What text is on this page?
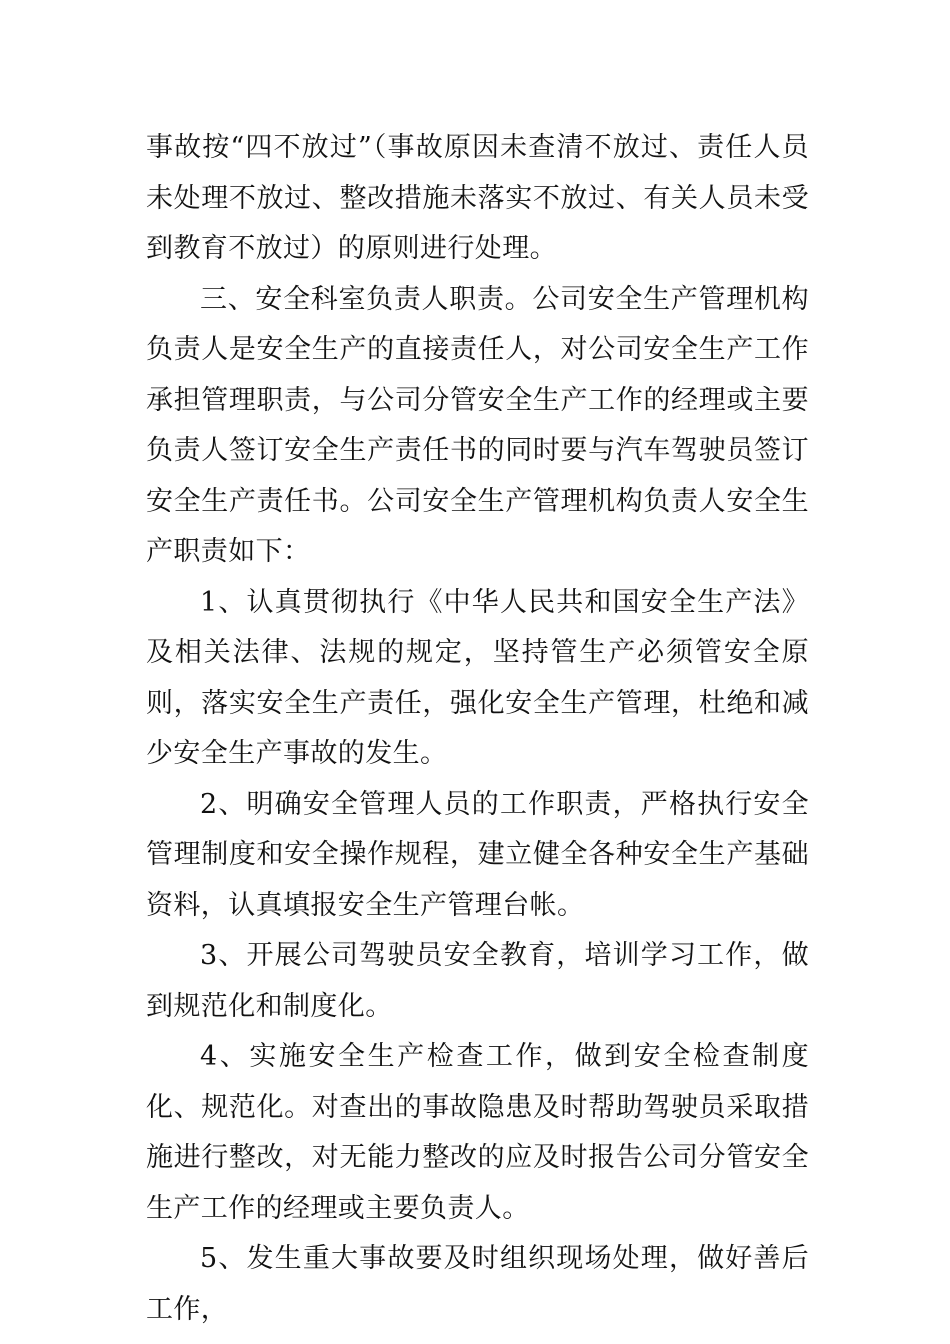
事故按“四不放过”（事故原因未查清不放过、责任人员未处理不放过、整改措施未落实不放过、有关人员未受到教育不放过）的原则进行处理。

三、安全科室负责人职责。公司安全生产管理机构负责人是安全生产的直接责任人，对公司安全生产工作承担管理职责，与公司分管安全生产工作的经理或主要负责人签订安全生产责任书的同时要与汽车驾驶员签订安全生产责任书。公司安全生产管理机构负责人安全生产职责如下：

1、认真贯彻执行《中华人民共和国安全生产法》及相关法律、法规的规定，坚持管生产必须管安全原则，落实安全生产责任，强化安全生产管理，杜绝和减少安全生产事故的发生。

2、明确安全管理人员的工作职责，严格执行安全管理制度和安全操作规程，建立健全各种安全生产基础资料，认真填报安全生产管理台帐。

3、开展公司驾驶员安全教育，培训学习工作，做到规范化和制度化。

4、实施安全生产检查工作，做到安全检查制度化、规范化。对查出的事故隐患及时帮助驾驶员采取措施进行整改，对无能力整改的应及时报告公司分管安全生产工作的经理或主要负责人。

5、发生重大事故要及时组织现场处理，做好善后工作，
